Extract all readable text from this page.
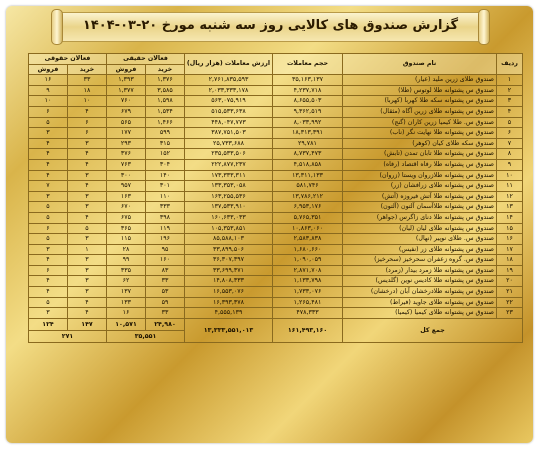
گزارش صندوق های کالایی روز سه شنبه مورخ ۲۰-۰۳-۱۴۰۴
ردیف	نام صندوق	حجم معاملات	ارزش معاملات (هزار ریال)	فعالان حقیقی		فعالان حقوقی	
				خرید	فروش	خرید	فروش
۱	صندوق طلای زرین ملید (عیار)	۳۵,۱۶۳,۱۳۷	۲,۷۶۱,۸۳۵,۵۹۳	۱,۳۷۶	۱,۳۹۳	۳۳	۱۶
۲	صندوق س پشتوانه طلا لوتوس (طلا)	۴,۲۳۷,۷۱۸	۲,۰۳۳,۳۳۳,۱۷۸	۳,۵۸۵	۱,۳۷۷	۱۸	۹
۳	صندوق س پشتوانه سکه طلا کهربا (کهربا)	۸,۶۵۵,۵۰۳	۵۶۳,۰۷۵,۹۱۹	۱,۵۹۸	۷۶۰	۱۰	۱۰
۴	صندوق س پشتوانه طلای زرین آگاه (مثقال)	۹,۳۶۲,۵۱۹	۵۱۵,۵۳۳,۶۳۸	۱,۵۳۴	۶۷۹	۴	۶
۵	صندوق س. طلا کیمیا زرین کاران (گنج)	۸,۰۳۳,۹۹۲	۴۴۸,۰۴۷,۷۷۳	۱,۴۶۶	۵۶۵	۶	۵
۶	صندوق س پشتوانه طلا نهایت نگر (ناب)	۱۸,۳۱۳,۳۹۱	۳۸۷,۷۵۱,۵۰۳	۵۹۹	۱۷۷	۶	۳
۷	صندوق سکه طلای کیان (کوهر)	۲۹,۷۸۱	۲۵,۷۳۳,۶۸۸	۳۱۵	۲۹۳	۳	۴
۸	صندوق س پشتوانه طلا تابان تمدن (تابش)	۸,۷۳۷,۴۷۳	۲۳۵,۵۳۳,۵۰۶	۱۵۲	۳۷۶	۴	۴
۹	صندوق س پشتوانه طلا رفاه اقتصاد (رفاه)	۴,۵۱۸,۸۵۸	۲۲۲,۸۷۷,۲۳۷	۳۰۴	۷۶۳	۴	۴
۱۰	صندوق س پشتوانه طلازروان ویستا (زروان)	۱۳,۳۱۱,۱۳۳	۱۷۳,۳۳۳,۳۱۱	۱۴۰	۳۰۰	۳	۴
۱۱	صندوق س پشتوانه طلای زرافشان (زر)	۵۸۱,۷۴۶	۱۳۳,۳۵۳,۰۵۸	۳۰۱	۹۵۷	۴	۷
۱۲	صندوق س پشتوانه طلا آتش فیروزه (آتش)	۱۳,۷۸۶,۲۱۲	۱۶۳,۲۵۵,۵۳۶	۱۱۰	۱۶۳	۳	۳
۱۳	صندوق س پشتوانه طلاآسمان آلتون (آلتون)	۶,۹۵۳,۱۷۶	۱۳۷,۵۳۳,۹۱۰	۳۳۳	۶۷۰	۳	۵
۱۴	صندوق س پشتوانه طلا دنای زاگرس (جواهر)	۵,۷۶۵,۳۵۱	۱۶۰,۶۳۳,۰۳۳	۳۹۸	۶۷۵	۴	۵
۱۵	صندوق س پشتوانه طلای لیان (لیان)	۱۰,۸۶۳,۰۶۰	۱۰۵,۳۵۳,۸۵۱	۱۱۹	۳۶۵	۵	۶
۱۶	صندوق س. طلای نوپیر (نهال)	۲,۵۸۳,۸۳۸	۸۵,۵۸۸,۱۰۳	۱۹۶	۱۱۵	۳	۵
۱۷	صندوق س پشتوانه طلای زر (نفیس)	۱,۶۸۰,۶۶۰	۳۳,۸۹۹,۵۰۶	۹۵	۲۸	۱	۳
۱۸	صندوق س. گروه زعفران سحرخیز (سحرخیز)	۱,۰۹۰,۰۵۹	۳۶,۳۰۷,۳۹۷	۱۶۰	۹۹	۳	۴
۱۹	صندوق س پشتوانه طلا زمرد بیدار (زمرد)	۲,۸۷۱,۷۰۸	۳۳,۶۹۹,۳۷۱	۸۳	۳۳۵	۳	۶
۲۰	صندوق س پشتوانه طلا کادیس نوین (گلدیس)	۱,۱۳۳,۷۹۸	۱۴,۸۰۸,۳۳۳	۳۳	۶۲	۳	۴
۲۱	صندوق س پشتوانه طلادرخشان آبان (درخشان)	۱,۷۳۳,۰۷۶	۱۶,۵۵۳,۰۷۶	۵۳	۱۳۷	۳	۴
۲۲	صندوق س پشتوانه طلای جاوید (فیراط)	۱,۲۶۵,۴۸۱	۱۶,۳۹۳,۳۷۸	۵۹	۱۳۳	۴	۵
۲۳	صندوق س پشتوانه طلای کیمیا (کیمیا)	۴۷۸,۳۳۳	۴,۵۵۵,۱۳۹	۳۳	۱۶	۴	۳
جمع کل		۱۶۱,۴۹۳,۱۶۰	۱۳,۳۳۳,۵۵۱,۰۱۳	۲۴,۹۸۰	۱۰,۵۷۱	۱۴۷	۱۲۴
				۳۵,۵۵۱		۲۷۱	
